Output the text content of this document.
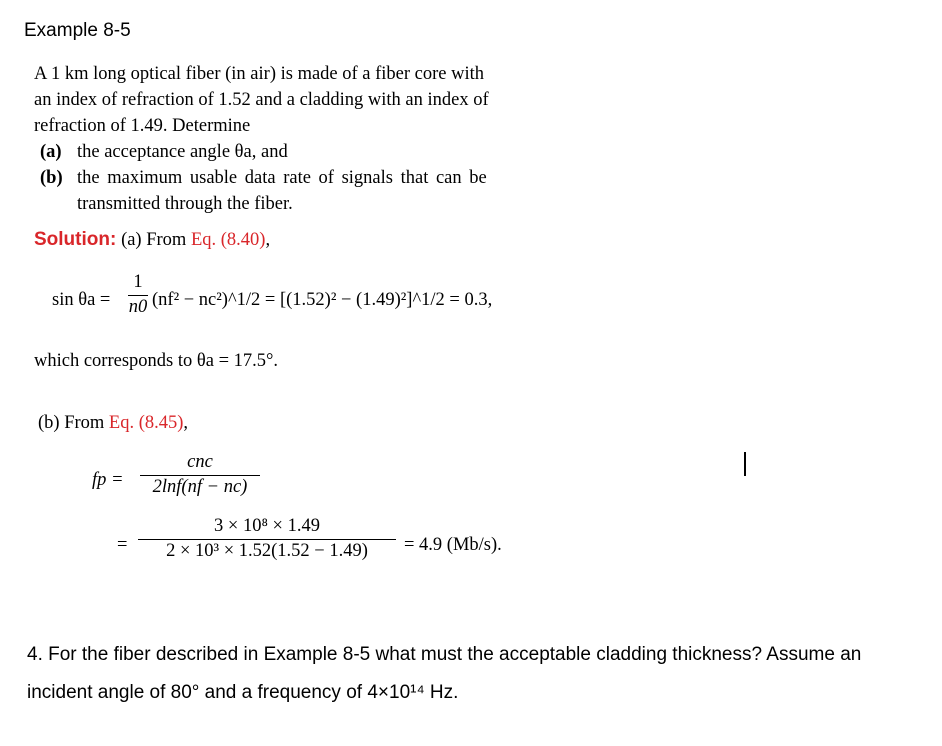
Example 8-5
A 1 km long optical fiber (in air) is made of a fiber core with
an index of refraction of 1.52 and a cladding with an index of
refraction of 1.49. Determine
(a) the acceptance angle θa, and
(b) the maximum usable data rate of signals that can be
transmitted through the fiber.
Solution: (a) From Eq. (8.40),
sin θa =
1
n0 (nf² − nc²)^1/2 = [(1.52)² − (1.49)²]^1/2 = 0.3,
which corresponds to θa = 17.5°.
(b) From Eq. (8.45),
fp =
cnc
2lnf(nf − nc)
=
3 × 10⁸ × 1.49
2 × 10³ × 1.52(1.52 − 1.49)	= 4.9 (Mb/s).
4. For the fiber described in Example 8-5 what must the acceptable cladding thickness? Assume an
incident angle of 80° and a frequency of 4×10¹⁴ Hz.
